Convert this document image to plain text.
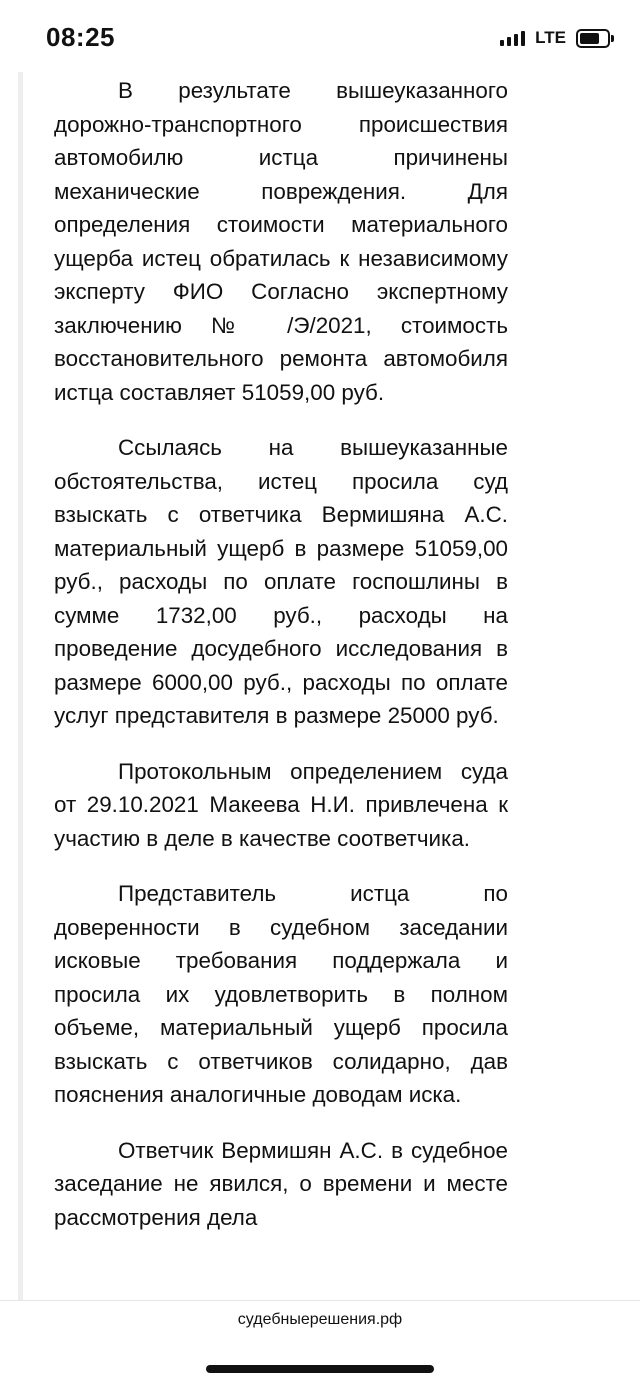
08:25	LTE

В результате вышеуказанного дорожно-транспортного происшествия автомобилю истца причинены механические повреждения. Для определения стоимости материального ущерба истец обратилась к независимому эксперту ФИО Согласно экспертному заключению № /Э/2021, стоимость восстановительного ремонта автомобиля истца составляет 51059,00 руб.

Ссылаясь на вышеуказанные обстоятельства, истец просила суд взыскать с ответчика Вермишяна А.С. материальный ущерб в размере 51059,00 руб., расходы по оплате госпошлины в сумме 1732,00 руб., расходы на проведение досудебного исследования в размере 6000,00 руб., расходы по оплате услуг представителя в размере 25000 руб.

Протокольным определением суда от 29.10.2021 Макеева Н.И. привлечена к участию в деле в качестве соответчика.

Представитель истца по доверенности в судебном заседании исковые требования поддержала и просила их удовлетворить в полном объеме, материальный ущерб просила взыскать с ответчиков солидарно, дав пояснения аналогичные доводам иска.

Ответчик Вермишян А.С. в судебное заседание не явился, о времени и месте рассмотрения дела

судебныерешения.рф
